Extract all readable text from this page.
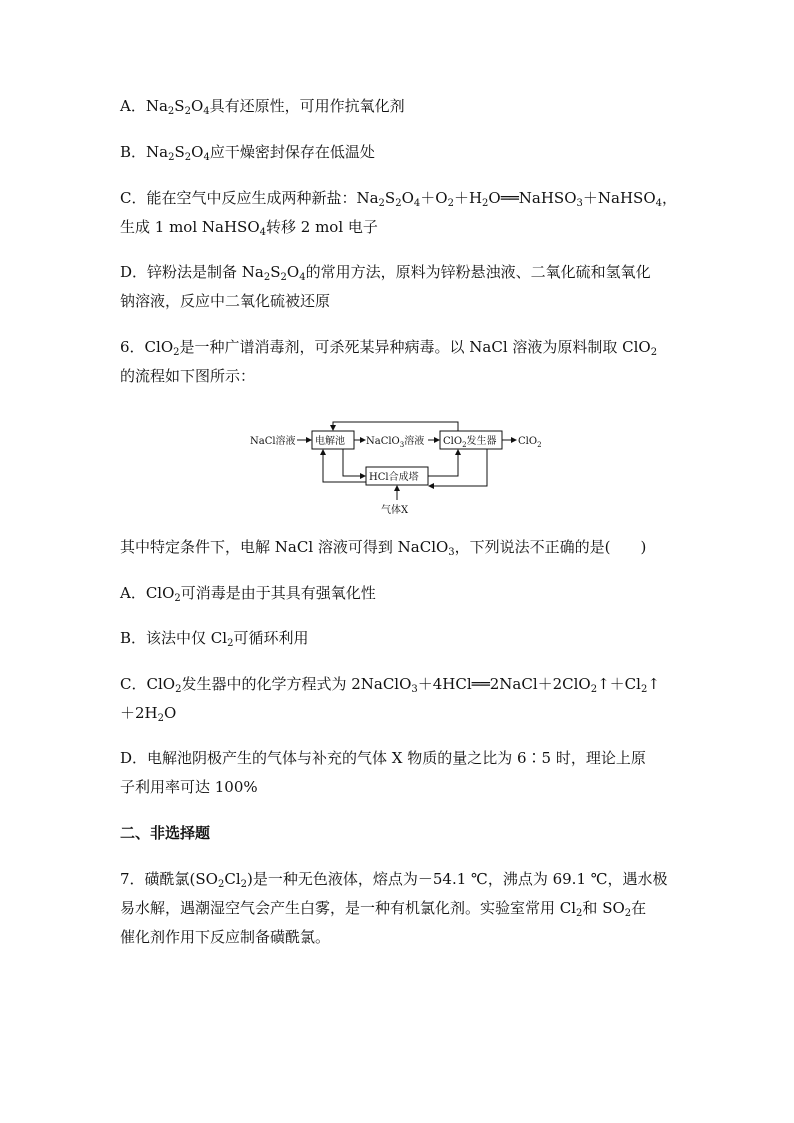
A．$Na_2S_2O_4$具有还原性，可用作抗氧化剂
B．$Na_2S_2O_4$应干燥密封保存在低温处
C．能在空气中反应生成两种新盐：$Na_2S_2O_4+O_2+H_2O══NaHSO_3+NaHSO_4$，
生成 1 mol NaHSO$_4$转移 2 mol 电子
D．锌粉法是制备 $Na_2S_2O_4$的常用方法，原料为锌粉悬浊液、二氧化硫和氢氧化
钠溶液，反应中二氧化硫被还原
6．ClO$_2$是一种广谱消毒剂，可杀死某异种病毒。以 NaCl 溶液为原料制取 ClO$_2$
的流程如下图所示：
NaCl溶液 电解池 NaClO$_3$溶液 ClO$_2$发生器 ClO$_2$
HCl合成塔
气体X
其中特定条件下，电解 NaCl 溶液可得到 NaClO$_3$，下列说法不正确的是(　　)
A．ClO$_2$可消毒是由于其具有强氧化性
B．该法中仅 $Cl_2$可循环利用
C．ClO$_2$发生器中的化学方程式为 $2NaClO_3+4HCl══2NaCl+2ClO_2↑+Cl_2↑$
$+2H_2O$
D．电解池阴极产生的气体与补充的气体 X 物质的量之比为 6∶5 时，理论上原
子利用率可达 100%
二、非选择题
7．磺酰氯$(SO_2Cl_2)$是一种无色液体，熔点为－54.1 ℃，沸点为 69.1 ℃，遇水极
易水解，遇潮湿空气会产生白雾，是一种有机氯化剂。实验室常用 $Cl_2$和 $SO_2$在
催化剂作用下反应制备磺酰氯。
